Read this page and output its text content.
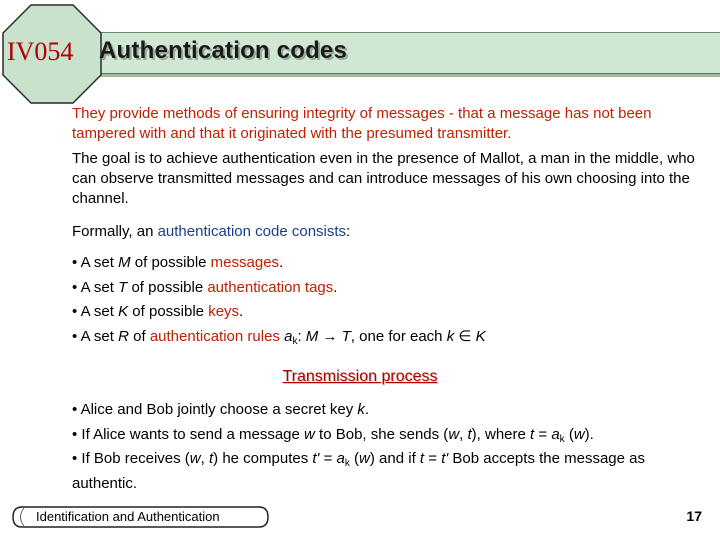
IV054	Authentication codes
They provide methods of ensuring integrity of messages - that a message has not been tampered with and that it originated with the presumed transmitter.
The goal is to achieve authentication even in the presence of Mallot, a man in the middle, who can observe transmitted messages and can introduce messages of his own choosing into the channel.
Formally, an authentication code consists:
• A set M of possible messages.
• A set T of possible authentication tags.
• A set K of possible keys.
• A set R of authentication rules $a_k$: M → T, one for each k ∈ K
Transmission process
• Alice and Bob jointly choose a secret key k.
• If Alice wants to send a message w to Bob, she sends (w, t), where $t = a_k$ (w).
• If Bob receives (w, t) he computes $t' = a_k$ (w) and if t = t' Bob accepts the message as authentic.
Identification and Authentication	17
